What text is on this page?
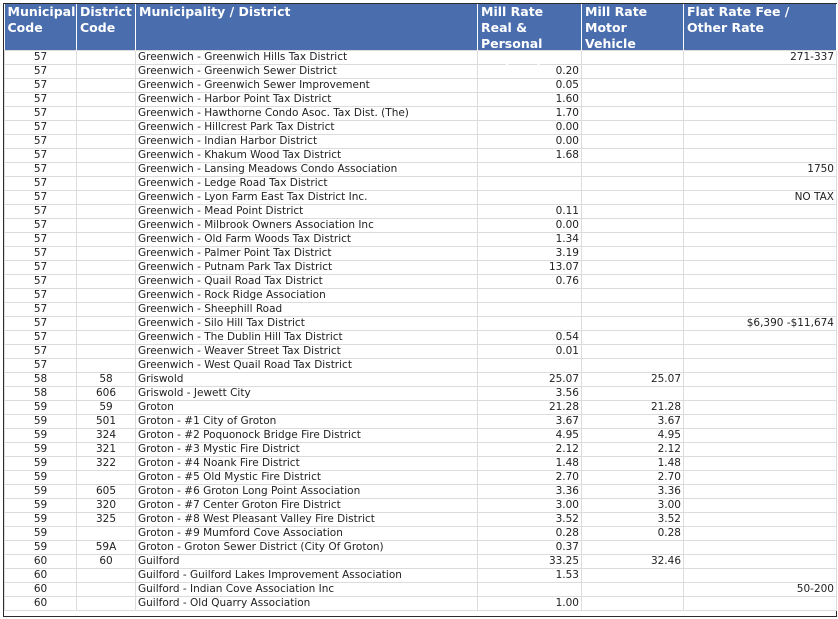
Municipal Code	District Code	Municipality / District	Mill Rate Real & Personal Property	Mill Rate Motor Vehicle	Flat Rate Fee / Other Rate

57		Greenwich - Greenwich Hills Tax District			271-337
57		Greenwich - Greenwich Sewer District	0.20		
57		Greenwich - Greenwich Sewer Improvement	0.05		
57		Greenwich - Harbor Point Tax District	1.60		
57		Greenwich - Hawthorne Condo Asoc. Tax Dist. (The)	1.70		
57		Greenwich - Hillcrest Park Tax District	0.00		
57		Greenwich - Indian Harbor District	0.00		
57		Greenwich - Khakum Wood Tax District	1.68		
57		Greenwich - Lansing Meadows Condo Association			1750
57		Greenwich - Ledge Road Tax District			
57		Greenwich - Lyon Farm East Tax District Inc.			NO TAX
57		Greenwich - Mead Point District	0.11		
57		Greenwich - Milbrook Owners Association Inc	0.00		
57		Greenwich - Old Farm Woods Tax District	1.34		
57		Greenwich - Palmer Point Tax District	3.19		
57		Greenwich - Putnam Park Tax District	13.07		
57		Greenwich - Quail Road Tax District	0.76		
57		Greenwich - Rock Ridge Association			
57		Greenwich - Sheephill Road			
57		Greenwich - Silo Hill Tax District			$6,390 -$11,674
57		Greenwich - The Dublin Hill Tax District	0.54		
57		Greenwich - Weaver Street Tax District	0.01		
57		Greenwich - West Quail Road Tax District			
58	58	Griswold	25.07	25.07	
58	606	Griswold - Jewett City	3.56		
59	59	Groton	21.28	21.28	
59	501	Groton - #1 City of Groton	3.67	3.67	
59	324	Groton - #2 Poquonock Bridge Fire District	4.95	4.95	
59	321	Groton - #3 Mystic Fire District	2.12	2.12	
59	322	Groton - #4 Noank Fire District	1.48	1.48	
59		Groton - #5 Old Mystic Fire District	2.70	2.70	
59	605	Groton - #6 Groton Long Point Association	3.36	3.36	
59	320	Groton - #7 Center Groton Fire District	3.00	3.00	
59	325	Groton - #8 West Pleasant Valley Fire District	3.52	3.52	
59		Groton - #9 Mumford Cove Association	0.28	0.28	
59	59A	Groton - Groton Sewer District (City Of Groton)	0.37		
60	60	Guilford	33.25	32.46	
60		Guilford - Guilford Lakes Improvement Association	1.53		
60		Guilford - Indian Cove Association Inc			50-200
60		Guilford - Old Quarry Association	1.00		
